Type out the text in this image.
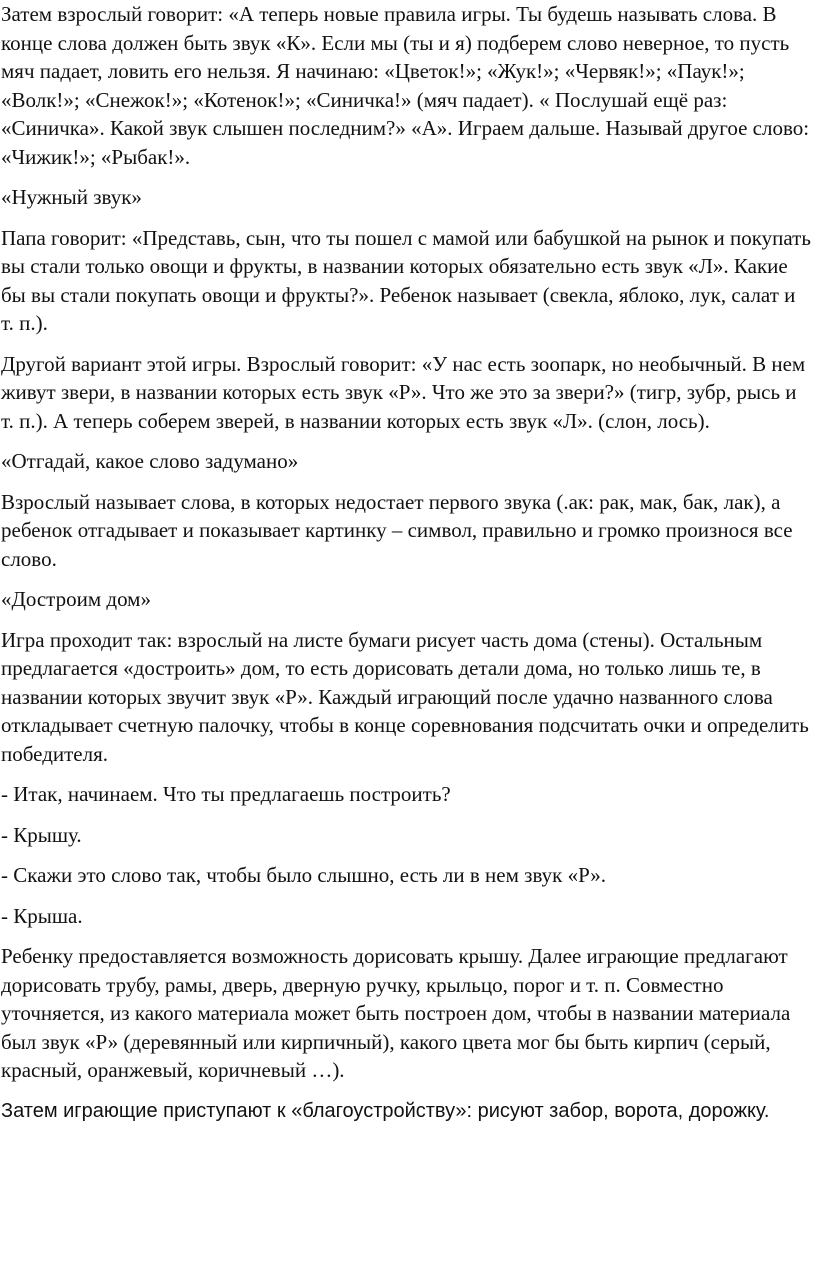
Затем взрослый говорит: «А теперь новые правила игры. Ты будешь называть слова. В конце слова должен быть звук «К». Если мы (ты и я) подберем слово неверное, то пусть мяч падает, ловить его нельзя. Я начинаю: «Цветок!»; «Жук!»; «Червяк!»; «Паук!»; «Волк!»; «Снежок!»; «Котенок!»; «Синичка!» (мяч падает). « Послушай ещё раз: «Синичка». Какой звук слышен последним?» «А». Играем дальше. Называй другое слово: «Чижик!»; «Рыбак!».

«Нужный звук»

Папа говорит: «Представь, сын, что ты пошел с мамой или бабушкой на рынок и покупать вы стали только овощи и фрукты, в названии которых обязательно есть звук «Л». Какие бы вы стали покупать овощи и фрукты?». Ребенок называет (свекла, яблоко, лук, салат и т. п.).

Другой вариант этой игры. Взрослый говорит: «У нас есть зоопарк, но необычный. В нем живут звери, в названии которых есть звук «Р». Что же это за звери?» (тигр, зубр, рысь и т. п.). А теперь соберем зверей, в названии которых есть звук «Л». (слон, лось).

«Отгадай, какое слово задумано»

Взрослый называет слова, в которых недостает первого звука (.ак: рак, мак, бак, лак), а ребенок отгадывает и показывает картинку – символ, правильно и громко произнося все слово.

«Достроим дом»

Игра проходит так: взрослый на листе бумаги рисует часть дома (стены). Остальным предлагается «достроить» дом, то есть дорисовать детали дома, но только лишь те, в названии которых звучит звук «Р». Каждый играющий после удачно названного слова откладывает счетную палочку, чтобы в конце соревнования подсчитать очки и определить победителя.

- Итак, начинаем. Что ты предлагаешь построить?

- Крышу.

- Скажи это слово так, чтобы было слышно, есть ли в нем звук «Р».

- Крыша.

Ребенку предоставляется возможность дорисовать крышу. Далее играющие предлагают дорисовать трубу, рамы, дверь, дверную ручку, крыльцо, порог и т. п. Совместно уточняется, из какого материала может быть построен дом, чтобы в названии материала был звук «Р» (деревянный или кирпичный), какого цвета мог бы быть кирпич (серый, красный, оранжевый, коричневый …).

Затем играющие приступают к «благоустройству»: рисуют забор, ворота, дорожку.
